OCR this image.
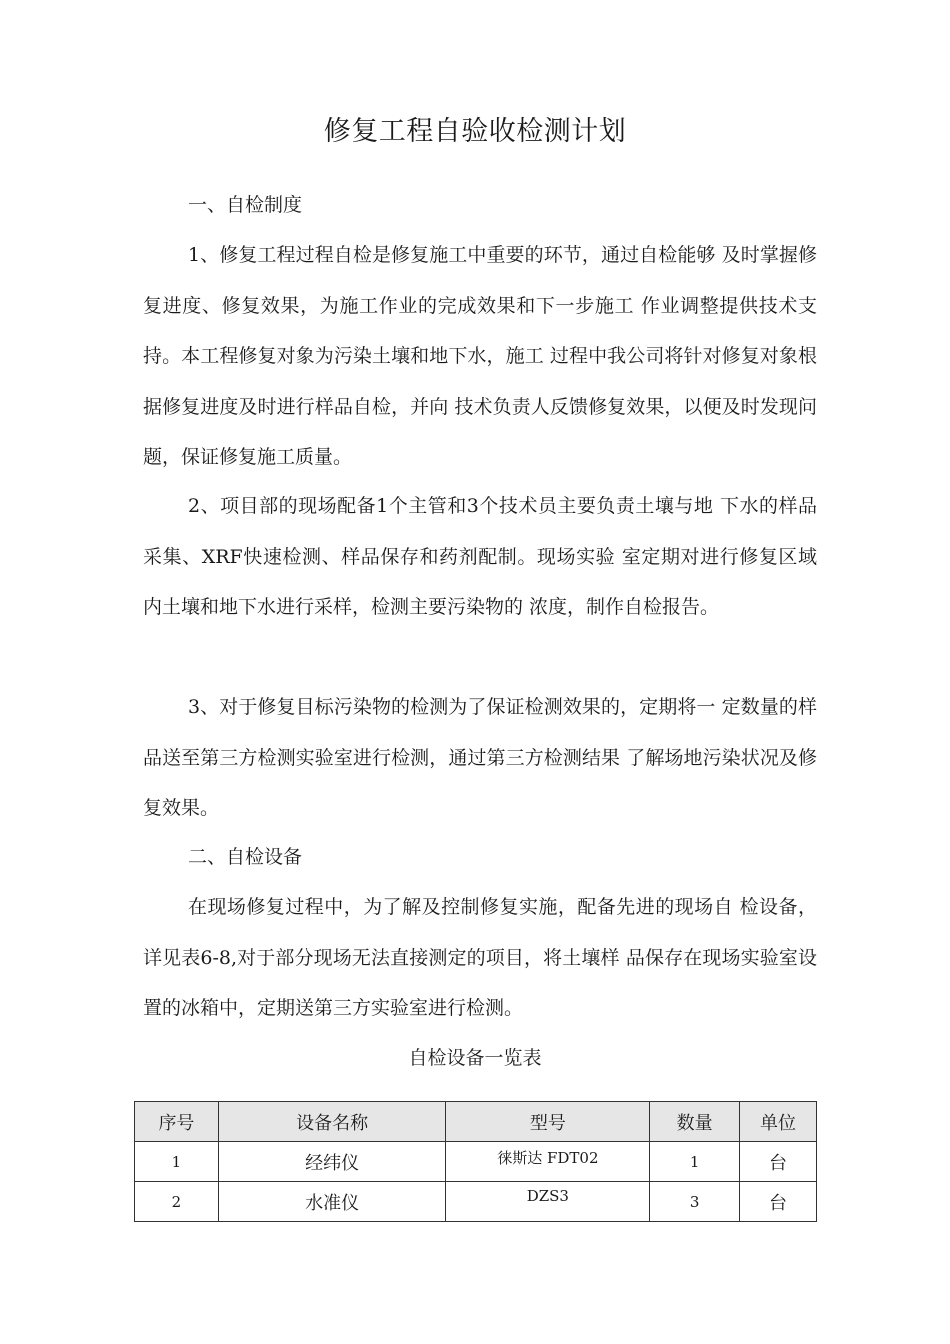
修复工程自验收检测计划
一、自检制度

1、修复工程过程自检是修复施工中重要的环节，通过自检能够 及时掌握修复进度、修复效果，为施工作业的完成效果和下一步施工 作业调整提供技术支持。本工程修复对象为污染土壤和地下水，施工 过程中我公司将针对修复对象根据修复进度及时进行样品自检，并向 技术负责人反馈修复效果，以便及时发现问题，保证修复施工质量。

2、项目部的现场配备1个主管和3个技术员主要负责土壤与地 下水的样品采集、XRF快速检测、样品保存和药剂配制。现场实验 室定期对进行修复区域内土壤和地下水进行采样，检测主要污染物的 浓度，制作自检报告。

3、对于修复目标污染物的检测为了保证检测效果的，定期将一 定数量的样品送至第三方检测实验室进行检测，通过第三方检测结果 了解场地污染状况及修复效果。

二、自检设备

在现场修复过程中，为了解及控制修复实施，配备先进的现场自 检设备，详见表6-8,对于部分现场无法直接测定的项目，将土壤样 品保存在现场实验室设置的冰箱中，定期送第三方实验室进行检测。

自检设备一览表
序号	设备名称	型号	数量	单位
1	经纬仪	徕斯达 FDT02	1	台
2	水准仪	DZS3	3	台
